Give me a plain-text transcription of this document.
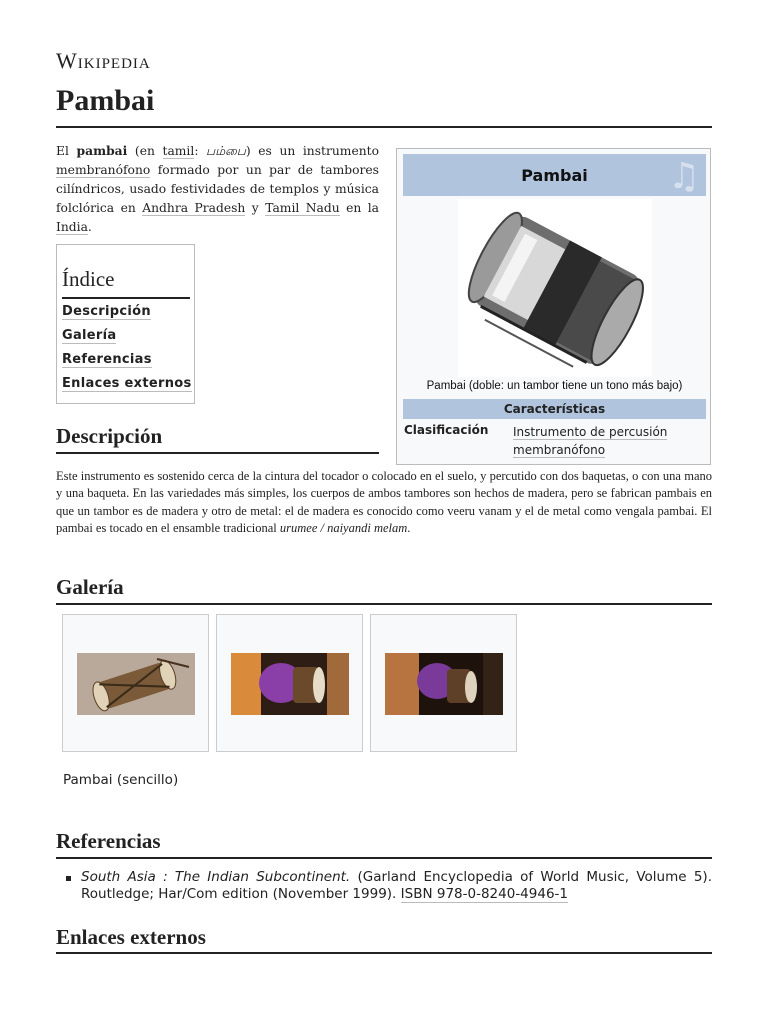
Wikipedia
Pambai
El pambai (en tamil: பம்பை) es un instrumento membranófono formado por un par de tambores cilíndricos, usado festividades de templos y música folclórica en Andhra Pradesh y Tamil Nadu en la India.
Pambai ♫
Pambai (doble: un tambor tiene un tono más bajo)
Características
Clasificación Instrumento de percusión membranófono
Índice
Descripción
Galería
Referencias
Enlaces externos
Descripción
Este instrumento es sostenido cerca de la cintura del tocador o colocado en el suelo, y percutido con dos baquetas, o con una mano y una baqueta. En las variedades más simples, los cuerpos de ambos tambores son hechos de madera, pero se fabrican pambais en que un tambor es de madera y otro de metal: el de madera es conocido como veeru vanam y el de metal como vengala pambai. El pambai es tocado en el ensamble tradicional urumee / naiyandi melam.
Galería
Pambai (sencillo)
Referencias
South Asia : The Indian Subcontinent. (Garland Encyclopedia of World Music, Volume 5). Routledge; Har/Com edition (November 1999). ISBN 978-0-8240-4946-1
Enlaces externos
